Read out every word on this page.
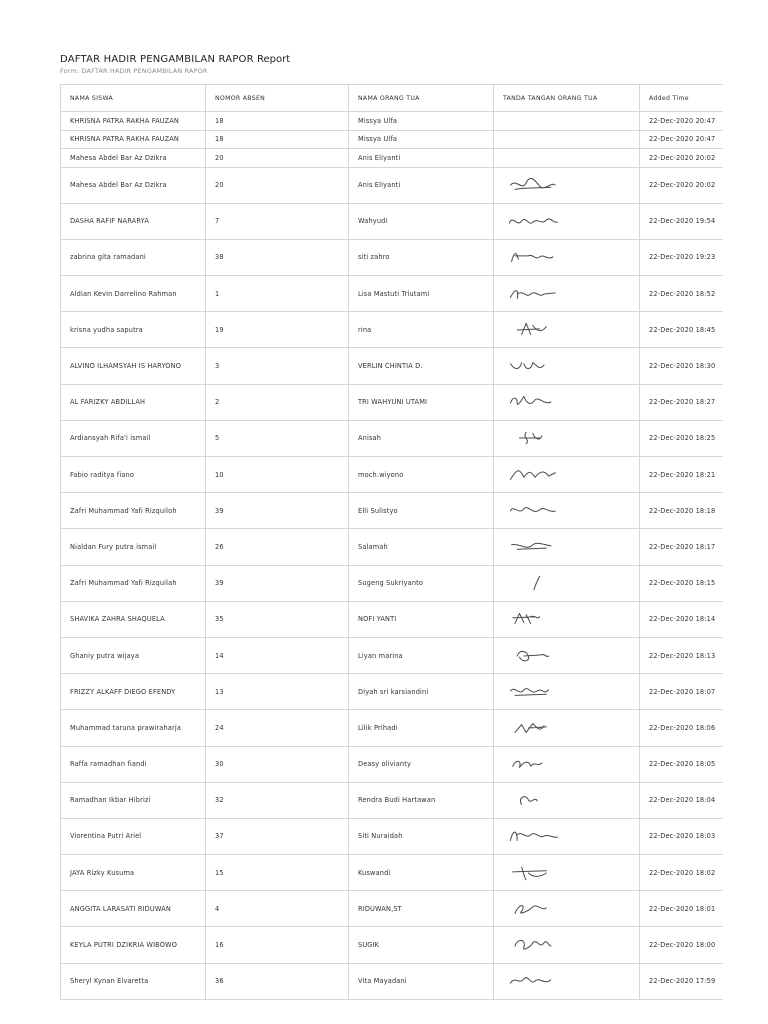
DAFTAR HADIR PENGAMBILAN RAPOR Report
Form: DAFTAR HADIR PENGAMBILAN RAPOR
NAMA SISWA	NOMOR ABSEN	NAMA ORANG TUA	TANDA TANGAN ORANG TUA	Added Time
KHRISNA PATRA RAKHA FAUZAN	18	Missya Ulfa		22-Dec-2020 20:47
KHRISNA PATRA RAKHA FAUZAN	18	Missya Ulfa		22-Dec-2020 20:47
Mahesa Abdel Bar Az Dzikra	20	Anis Eliyanti		22-Dec-2020 20:02
Mahesa Abdel Bar Az Dzikra	20	Anis Eliyanti		22-Dec-2020 20:02
DASHA RAFIF NARARYA	7	Wahyudi		22-Dec-2020 19:54
zabrina gita ramadani	38	siti zahro		22-Dec-2020 19:23
Aldian Kevin Darrelino Rahman	1	Lisa Mastuti Triutami		22-Dec-2020 18:52
krisna yudha saputra	19	rina		22-Dec-2020 18:45
ALVINO ILHAMSYAH IS HARYONO	3	VERLIN CHINTIA D.		22-Dec-2020 18:30
AL FARIZKY ABDILLAH	2	TRI WAHYUNI UTAMI		22-Dec-2020 18:27
Ardiansyah Rifa'i ismail	5	Anisah		22-Dec-2020 18:25
Fabio raditya fiano	10	moch.wiyono		22-Dec-2020 18:21
Zafri Muhammad Yafi Rizquiloh	39	Elli Sulistyo		22-Dec-2020 18:18
Nialdan Fury putra ismail	26	Salamah		22-Dec-2020 18:17
Zafri Muhammad Yafi Rizquilah	39	Sugeng Sukriyanto		22-Dec-2020 18:15
SHAVIKA ZAHRA SHAQUELA	35	NOFI YANTI		22-Dec-2020 18:14
Ghaniy putra wijaya	14	Liyan marina		22-Dec-2020 18:13
FRIZZY ALKAFF DIEGO EFENDY	13	Diyah sri karsiandini		22-Dec-2020 18:07
Muhammad taruna prawiraharja	24	Lilik Prihadi		22-Dec-2020 18:06
Raffa ramadhan fiandi	30	Deasy olivianty		22-Dec-2020 18:05
Ramadhan Ikbar Hibrizi	32	Rendra Budi Hartawan		22-Dec-2020 18:04
Viorentina Putri Ariel	37	Siti Nuraidah		22-Dec-2020 18:03
JAYA Rizky Kusuma	15	Kuswandi		22-Dec-2020 18:02
ANGGITA LARASATI RIDUWAN	4	RIDUWAN,ST		22-Dec-2020 18:01
KEYLA PUTRI DZIKRIA WIBOWO	16	SUGIK		22-Dec-2020 18:00
Sheryl Kynan Elvaretta	36	Vita Mayadani		22-Dec-2020 17:59
